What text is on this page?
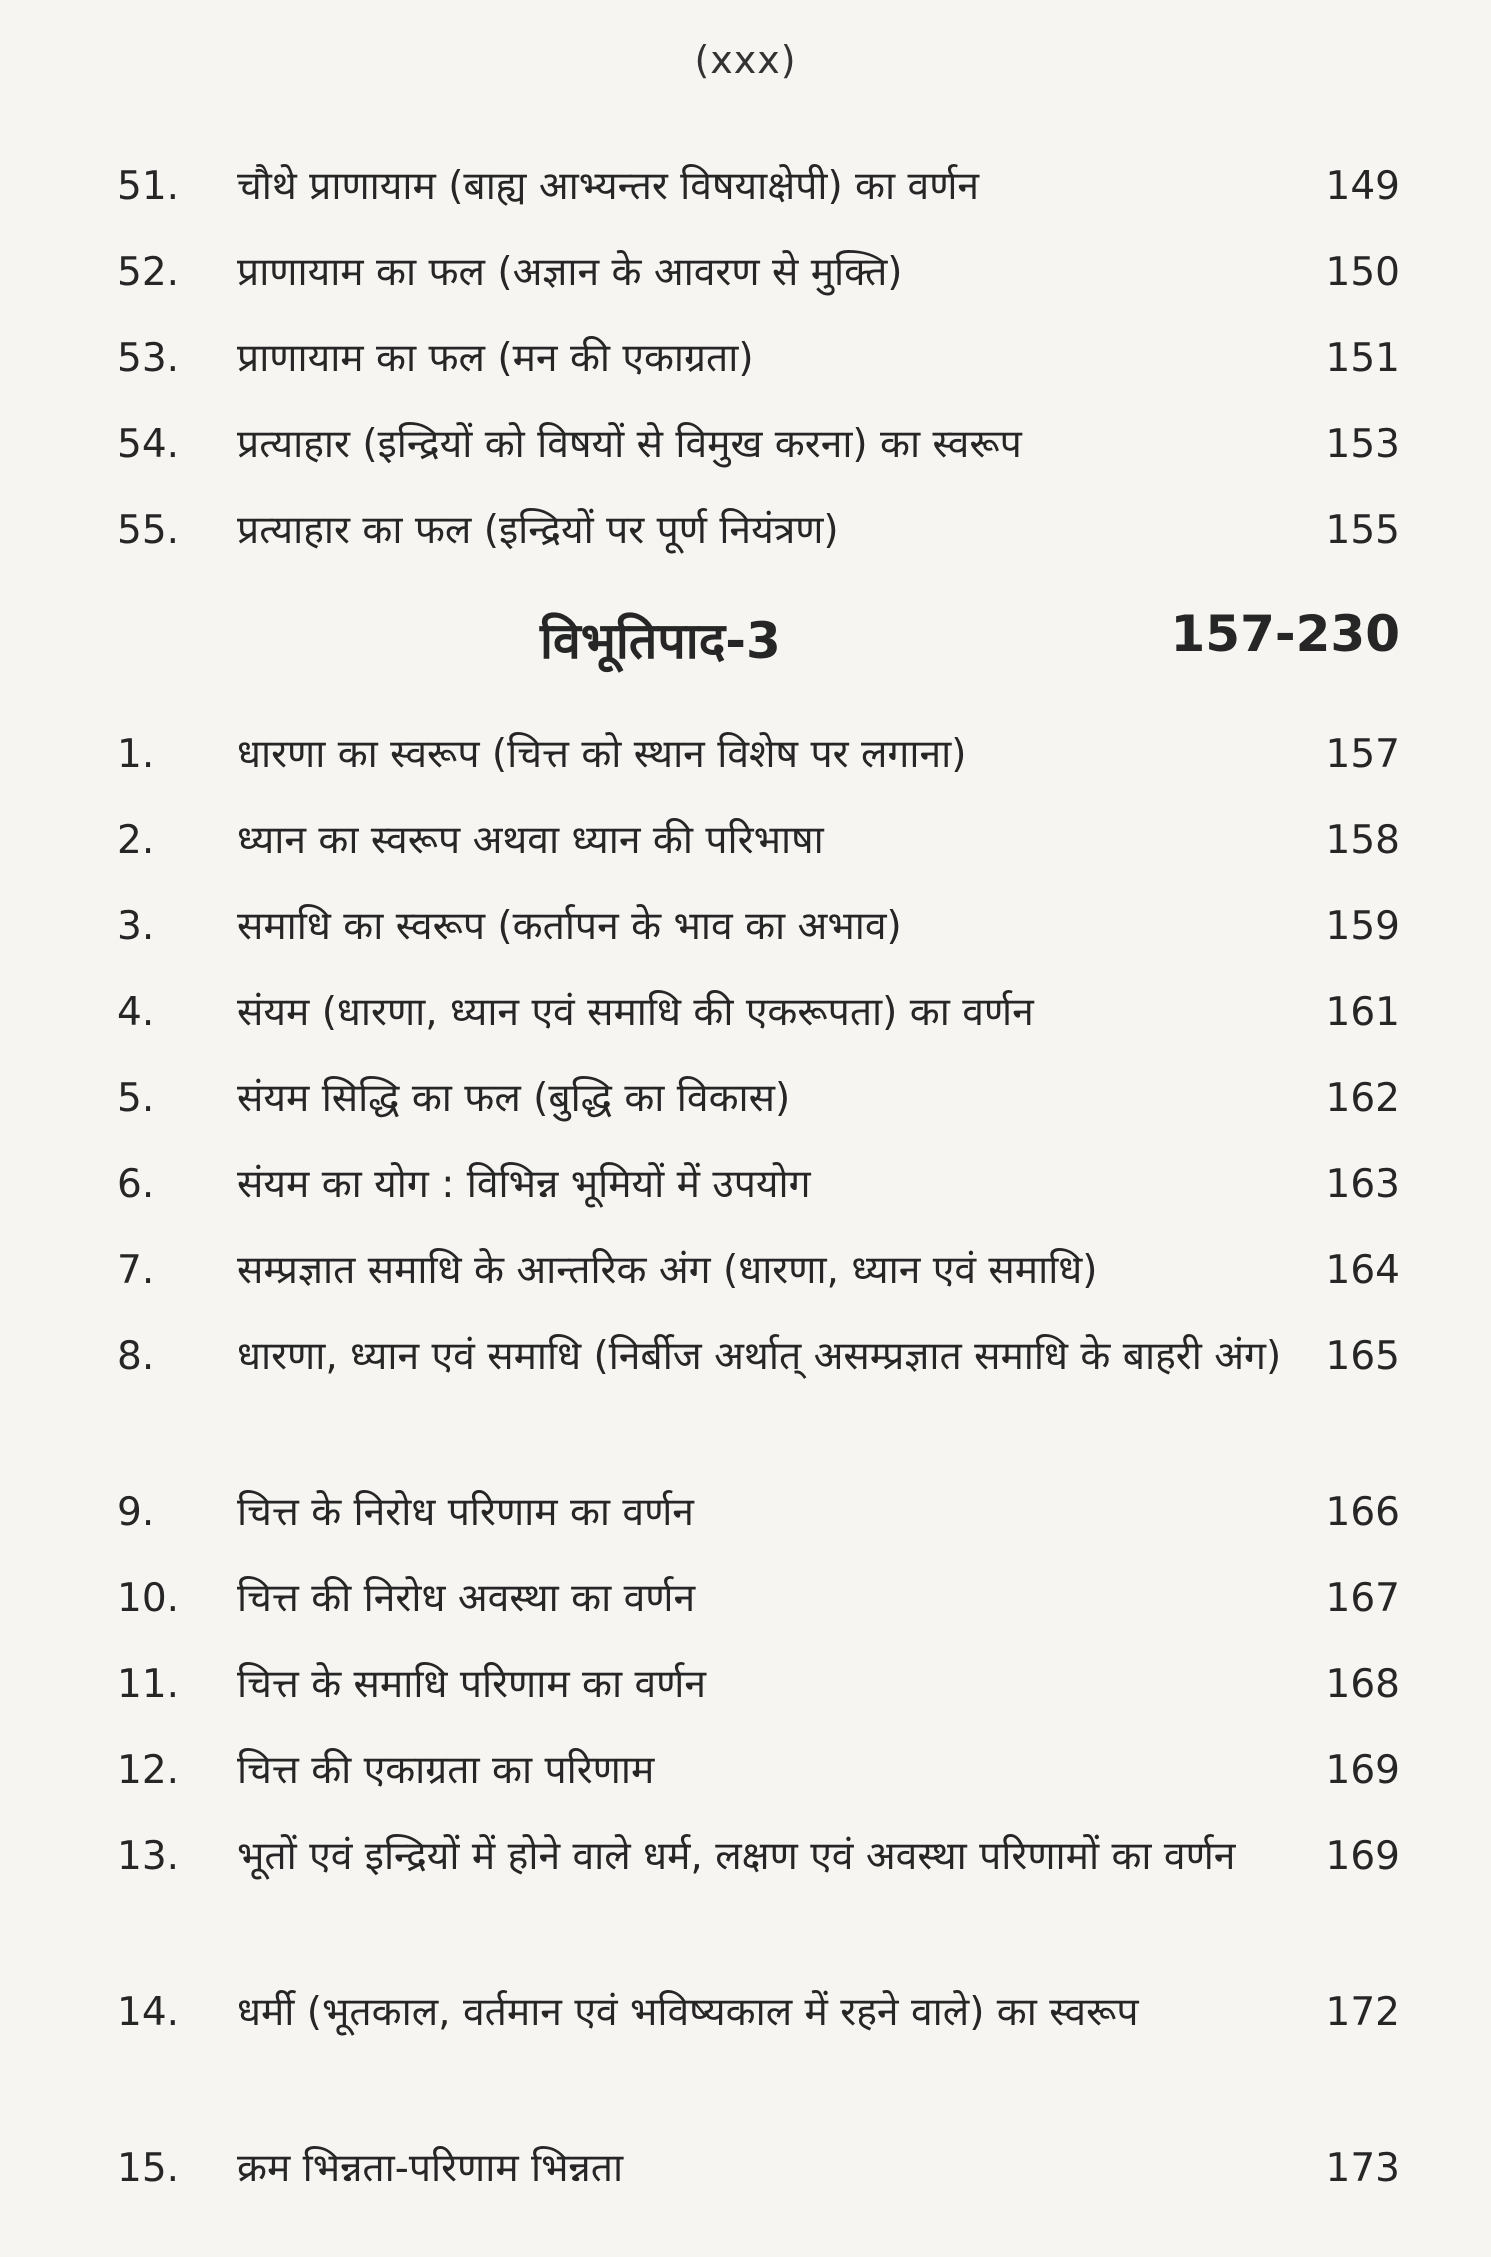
(xxx)
51.	चौथे प्राणायाम (बाह्य आभ्यन्तर विषयाक्षेपी) का वर्णन	149
52.	प्राणायाम का फल (अज्ञान के आवरण से मुक्ति)	150
53.	प्राणायाम का फल (मन की एकाग्रता)	151
54.	प्रत्याहार (इन्द्रियों को विषयों से विमुख करना) का स्वरूप	153
55.	प्रत्याहार का फल (इन्द्रियों पर पूर्ण नियंत्रण)	155
विभूतिपाद-3	157-230
1.	धारणा का स्वरूप (चित्त को स्थान विशेष पर लगाना)	157
2.	ध्यान का स्वरूप अथवा ध्यान की परिभाषा	158
3.	समाधि का स्वरूप (कर्तापन के भाव का अभाव)	159
4.	संयम (धारणा, ध्यान एवं समाधि की एकरूपता) का वर्णन	161
5.	संयम सिद्धि का फल (बुद्धि का विकास)	162
6.	संयम का योग : विभिन्न भूमियों में उपयोग	163
7.	सम्प्रज्ञात समाधि के आन्तरिक अंग (धारणा, ध्यान एवं समाधि)	164
8.	धारणा, ध्यान एवं समाधि (निर्बीज अर्थात् असम्प्रज्ञात समाधि के बाहरी अंग)	165
9.	चित्त के निरोध परिणाम का वर्णन	166
10.	चित्त की निरोध अवस्था का वर्णन	167
11.	चित्त के समाधि परिणाम का वर्णन	168
12.	चित्त की एकाग्रता का परिणाम	169
13.	भूतों एवं इन्द्रियों में होने वाले धर्म, लक्षण एवं अवस्था परिणामों का वर्णन	169
14.	धर्मी (भूतकाल, वर्तमान एवं भविष्यकाल में रहने वाले) का स्वरूप	172
15.	क्रम भिन्नता-परिणाम भिन्नता	173
